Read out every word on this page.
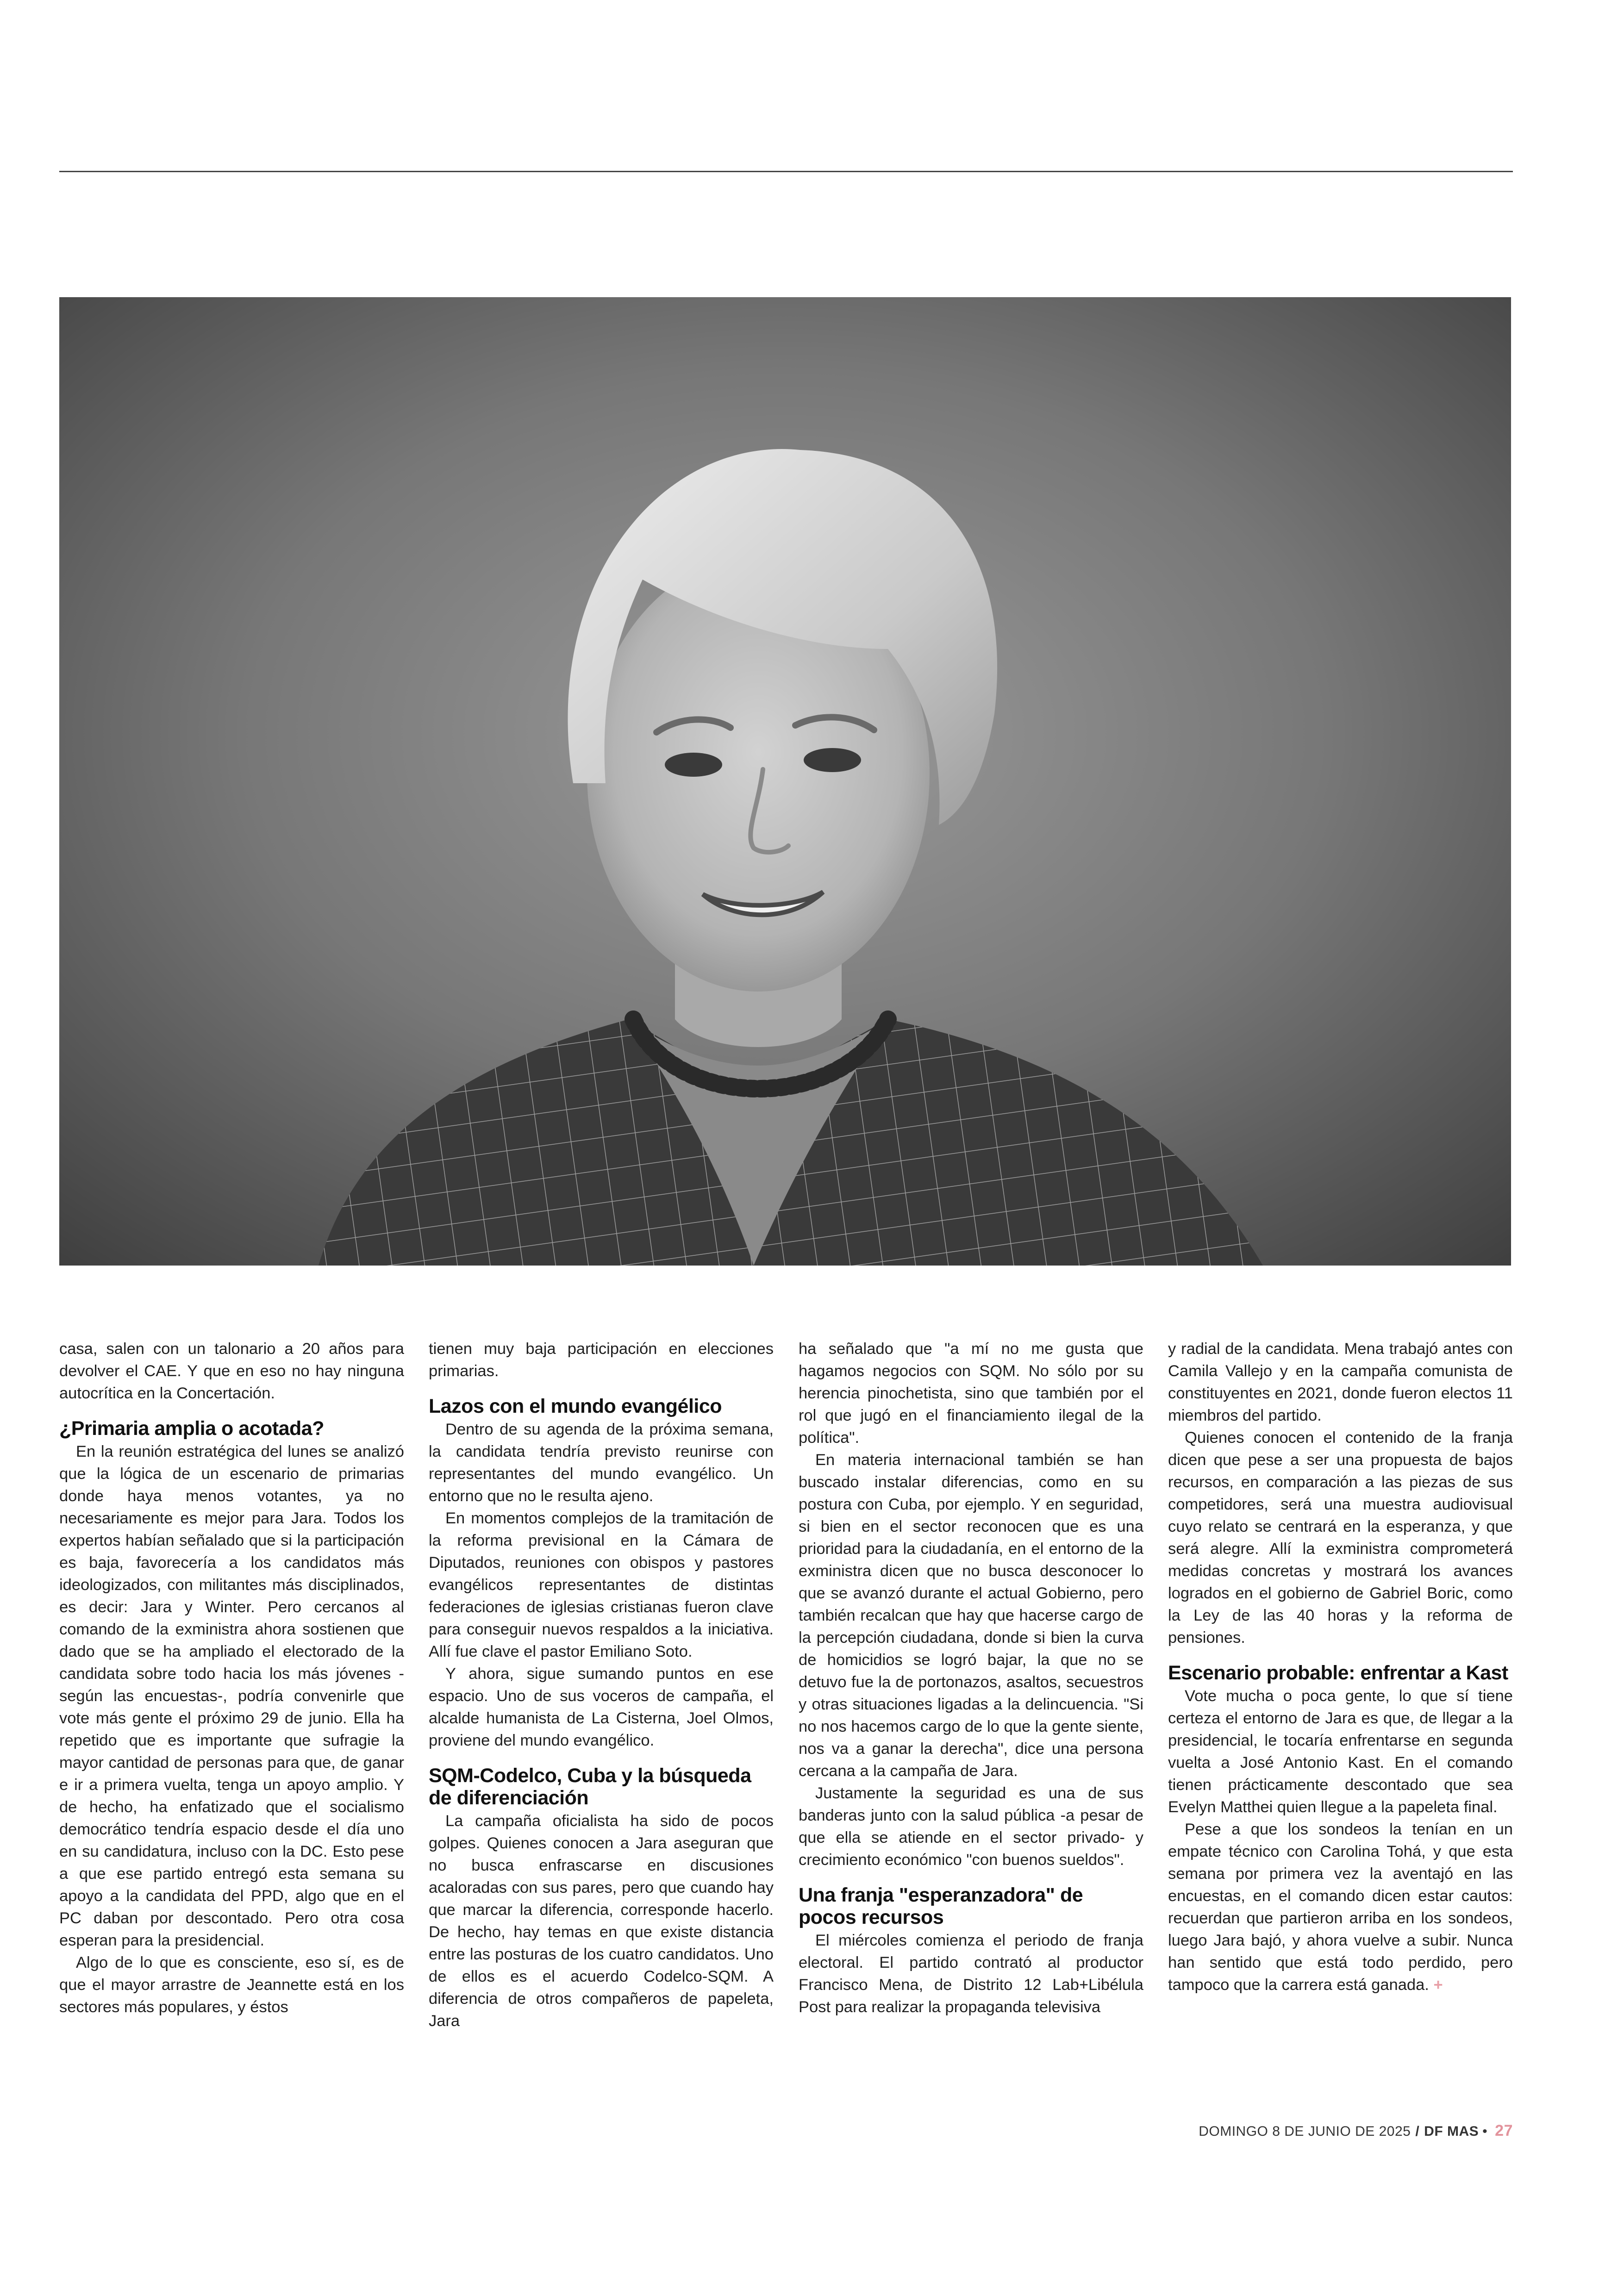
casa, salen con un talonario a 20 años para devolver el CAE. Y que en eso no hay ninguna autocrítica en la Concertación.

¿Primaria amplia o acotada?

En la reunión estratégica del lunes se analizó que la lógica de un escenario de primarias donde haya menos votantes, ya no necesariamente es mejor para Jara. Todos los expertos habían señalado que si la participación es baja, favorecería a los candidatos más ideologizados, con militantes más disciplinados, es decir: Jara y Winter. Pero cercanos al comando de la exministra ahora sostienen que dado que se ha ampliado el electorado de la candidata sobre todo hacia los más jóvenes -según las encuestas-, podría convenirle que vote más gente el próximo 29 de junio. Ella ha repetido que es importante que sufragie la mayor cantidad de personas para que, de ganar e ir a primera vuelta, tenga un apoyo amplio. Y de hecho, ha enfatizado que el socialismo democrático tendría espacio desde el día uno en su candidatura, incluso con la DC. Esto pese a que ese partido entregó esta semana su apoyo a la candidata del PPD, algo que en el PC daban por descontado. Pero otra cosa esperan para la presidencial.

Algo de lo que es consciente, eso sí, es de que el mayor arrastre de Jeannette está en los sectores más populares, y éstos

tienen muy baja participación en elecciones primarias.

Lazos con el mundo evangélico

Dentro de su agenda de la próxima semana, la candidata tendría previsto reunirse con representantes del mundo evangélico. Un entorno que no le resulta ajeno.

En momentos complejos de la tramitación de la reforma previsional en la Cámara de Diputados, reuniones con obispos y pastores evangélicos representantes de distintas federaciones de iglesias cristianas fueron clave para conseguir nuevos respaldos a la iniciativa. Allí fue clave el pastor Emiliano Soto.

Y ahora, sigue sumando puntos en ese espacio. Uno de sus voceros de campaña, el alcalde humanista de La Cisterna, Joel Olmos, proviene del mundo evangélico.

SQM-Codelco, Cuba y la búsqueda de diferenciación

La campaña oficialista ha sido de pocos golpes. Quienes conocen a Jara aseguran que no busca enfrascarse en discusiones acaloradas con sus pares, pero que cuando hay que marcar la diferencia, corresponde hacerlo. De hecho, hay temas en que existe distancia entre las posturas de los cuatro candidatos. Uno de ellos es el acuerdo Codelco-SQM. A diferencia de otros compañeros de papeleta, Jara

ha señalado que "a mí no me gusta que hagamos negocios con SQM. No sólo por su herencia pinochetista, sino que también por el rol que jugó en el financiamiento ilegal de la política".

En materia internacional también se han buscado instalar diferencias, como en su postura con Cuba, por ejemplo. Y en seguridad, si bien en el sector reconocen que es una prioridad para la ciudadanía, en el entorno de la exministra dicen que no busca desconocer lo que se avanzó durante el actual Gobierno, pero también recalcan que hay que hacerse cargo de la percepción ciudadana, donde si bien la curva de homicidios se logró bajar, la que no se detuvo fue la de portonazos, asaltos, secuestros y otras situaciones ligadas a la delincuencia. "Si no nos hacemos cargo de lo que la gente siente, nos va a ganar la derecha", dice una persona cercana a la campaña de Jara.

Justamente la seguridad es una de sus banderas junto con la salud pública -a pesar de que ella se atiende en el sector privado- y crecimiento económico "con buenos sueldos".

Una franja "esperanzadora" de pocos recursos

El miércoles comienza el periodo de franja electoral. El partido contrató al productor Francisco Mena, de Distrito 12 Lab+Libélula Post para realizar la propaganda televisiva

y radial de la candidata. Mena trabajó antes con Camila Vallejo y en la campaña comunista de constituyentes en 2021, donde fueron electos 11 miembros del partido.

Quienes conocen el contenido de la franja dicen que pese a ser una propuesta de bajos recursos, en comparación a las piezas de sus competidores, será una muestra audiovisual cuyo relato se centrará en la esperanza, y que será alegre. Allí la exministra comprometerá medidas concretas y mostrará los avances logrados en el gobierno de Gabriel Boric, como la Ley de las 40 horas y la reforma de pensiones.

Escenario probable: enfrentar a Kast

Vote mucha o poca gente, lo que sí tiene certeza el entorno de Jara es que, de llegar a la presidencial, le tocaría enfrentarse en segunda vuelta a José Antonio Kast. En el comando tienen prácticamente descontado que sea Evelyn Matthei quien llegue a la papeleta final.

Pese a que los sondeos la tenían en un empate técnico con Carolina Tohá, y que esta semana por primera vez la aventajó en las encuestas, en el comando dicen estar cautos: recuerdan que partieron arriba en los sondeos, luego Jara bajó, y ahora vuelve a subir. Nunca han sentido que está todo perdido, pero tampoco que la carrera está ganada. +

DOMINGO 8 DE JUNIO DE 2025 / DF MAS • 27
